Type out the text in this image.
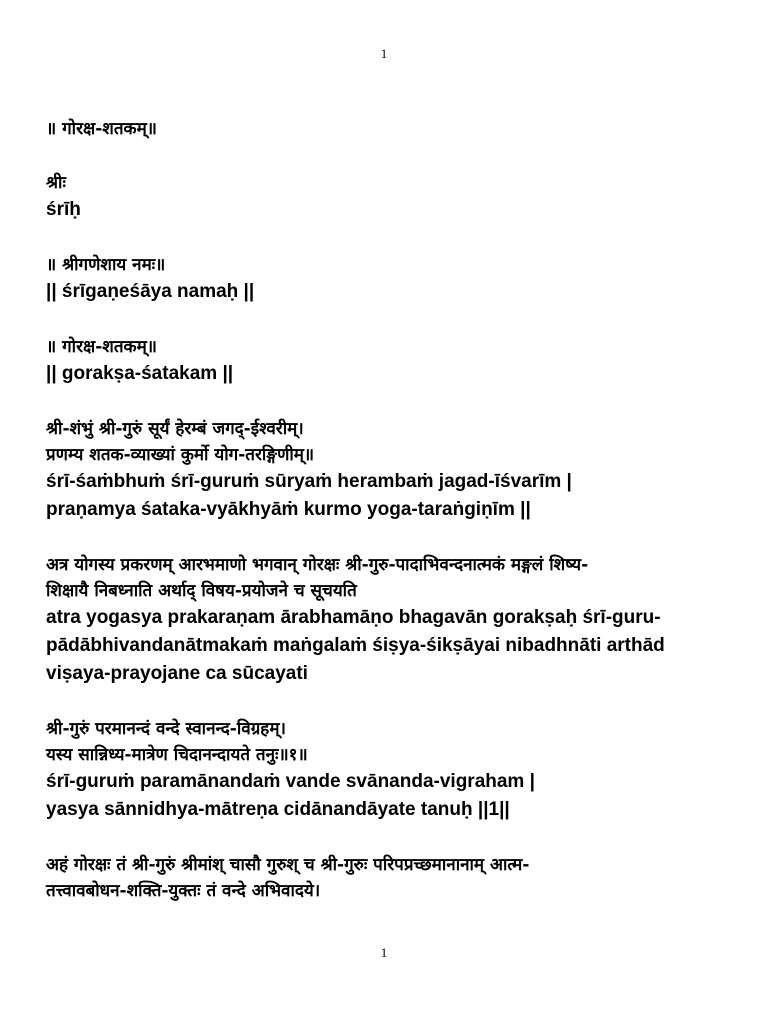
1
॥ गोरक्ष-शतकम्॥
श्रीः
śrīḥ
॥ श्रीगणेशाय नमः॥
|| śrīgaṇeśāya namaḥ ||
॥ गोरक्ष-शतकम्॥
|| gorakṣa-śatakam ||
श्री-शंभुं श्री-गुरुं सूर्यं हेरम्बं जगद्-ईश्वरीम्।
प्रणम्य शतक-व्याख्यां कुर्मो योग-तरङ्गिणीम्॥
śrī-śaṁbhuṁ śrī-guruṁ sūryaṁ herambaṁ jagad-īśvarīm |
praṇamya śataka-vyākhyāṁ kurmo yoga-taraṅgiṇīm ||
अत्र योगस्य प्रकरणम् आरभमाणो भगवान् गोरक्षः श्री-गुरु-पादाभिवन्दनात्मकं मङ्गलं शिष्य-
शिक्षायै निबध्नाति अर्थाद् विषय-प्रयोजने च सूचयति
atra yogasya prakaraṇam ārabhamāṇo bhagavān gorakṣaḥ śrī-guru-
pādābhivandanātmakaṁ maṅgalaṁ śiṣya-śikṣāyai nibadhnāti arthād
viṣaya-prayojane ca sūcayati
श्री-गुरुं परमानन्दं वन्दे स्वानन्द-विग्रहम्।
यस्य सान्निध्य-मात्रेण चिदानन्दायते तनुः॥१॥
śrī-guruṁ paramānandaṁ vande svānanda-vigraham |
yasya sānnidhya-mātreṇa cidānandāyate tanuḥ ||1||
अहं गोरक्षः तं श्री-गुरुं श्रीमांश् चासौ गुरुश् च श्री-गुरुः परिपप्रच्छमानानाम् आत्म-
तत्त्वावबोधन-शक्ति-युक्तः तं वन्दे अभिवादये।
1
